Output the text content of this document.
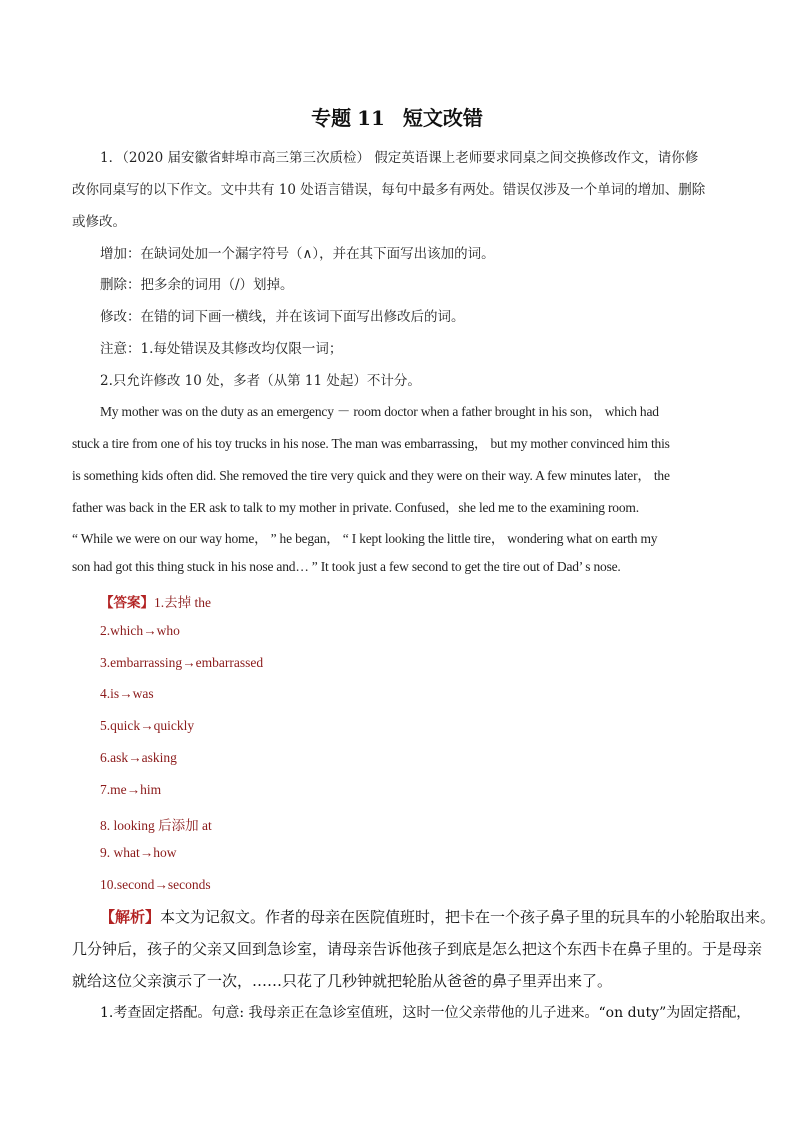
专题 11 短文改错
1．（2020 届安徽省蚌埠市高三第三次质检） 假定英语课上老师要求同桌之间交换修改作文，请你修
改你同桌写的以下作文。文中共有 10 处语言错误，每句中最多有两处。错误仅涉及一个单词的增加、删除
或修改。
增加：在缺词处加一个漏字符号（∧），并在其下面写出该加的词。
删除：把多余的词用（/）划掉。
修改：在错的词下画一横线，并在该词下面写出修改后的词。
注意：1.每处错误及其修改均仅限一词；
2.只允许修改 10 处，多者（从第 11 处起）不计分。
My mother was on the duty as an emergency － room doctor when a father brought in his son， which had
stuck a tire from one of his toy trucks in his nose. The man was embarrassing， but my mother convinced him this
is something kids often did. She removed the tire very quick and they were on their way. A few minutes later， the
father was back in the ER ask to talk to my mother in private. Confused，she led me to the examining room.
“ While we were on our way home， ” he began， “ I kept looking the little tire， wondering what on earth my
son had got this thing stuck in his nose and… ” It took just a few second to get the tire out of Dad’ s nose.
【答案】1.去掉 the
2.which→who
3.embarrassing→embarrassed
4.is→was
5.quick→quickly
6.ask→asking
7.me→him
8. looking 后添加 at
9. what→how
10.second→seconds
【解析】本文为记叙文。作者的母亲在医院值班时，把卡在一个孩子鼻子里的玩具车的小轮胎取出来。
几分钟后，孩子的父亲又回到急诊室，请母亲告诉他孩子到底是怎么把这个东西卡在鼻子里的。于是母亲
就给这位父亲演示了一次，……只花了几秒钟就把轮胎从爸爸的鼻子里弄出来了。
1.考查固定搭配。句意: 我母亲正在急诊室值班，这时一位父亲带他的儿子进来。“on duty”为固定搭配，
